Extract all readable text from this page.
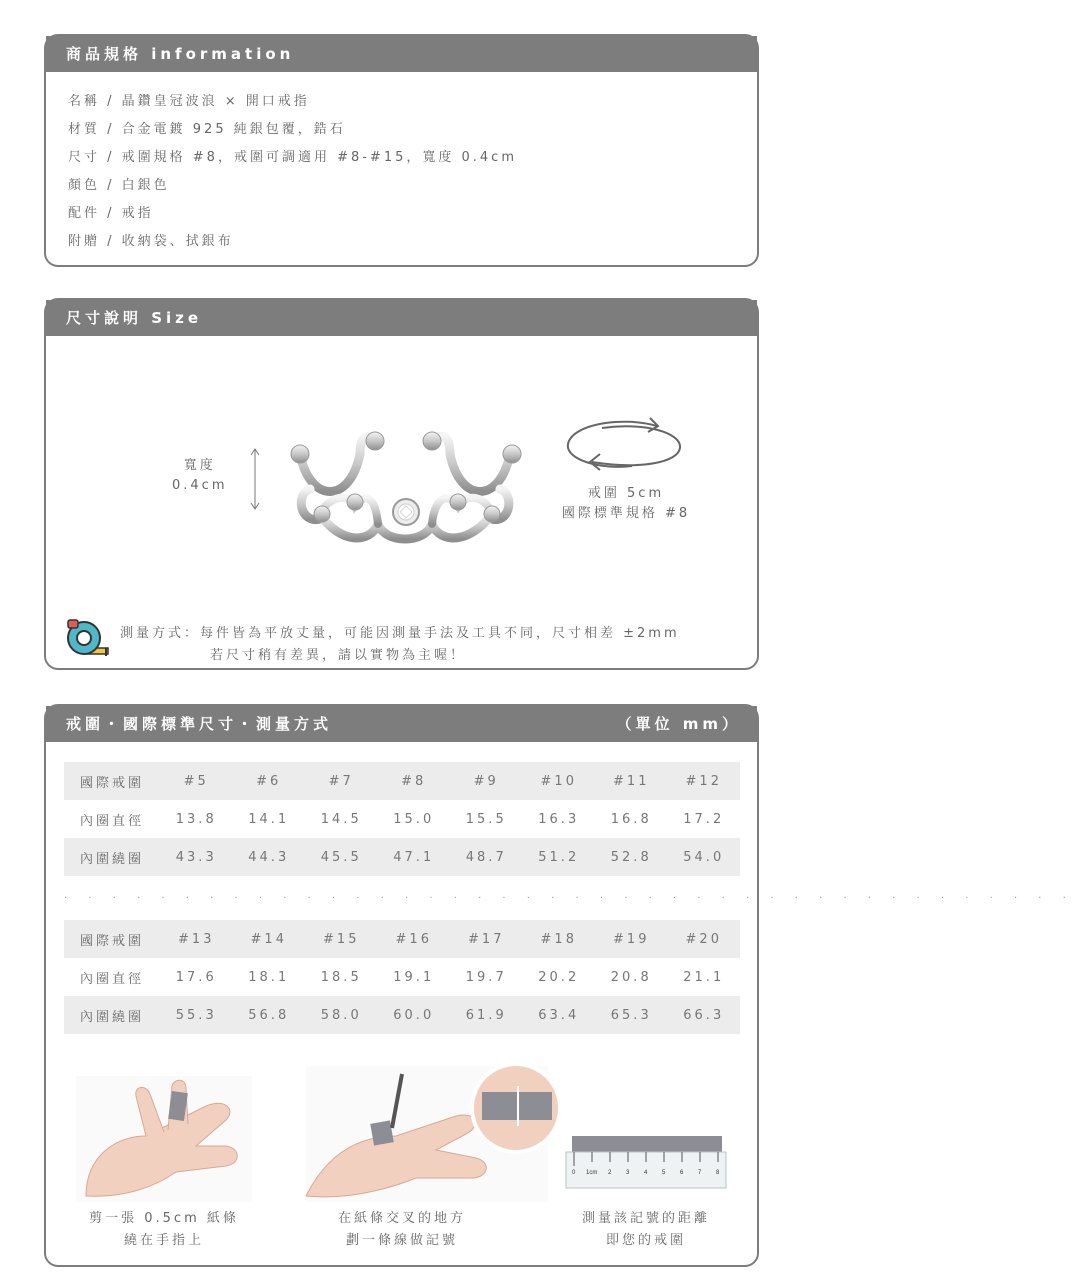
商品規格 information
名稱 / 晶鑽皇冠波浪 × 開口戒指
材質 / 合金電鍍 925 純銀包覆，鋯石
尺寸 / 戒圍規格 #8，戒圍可調適用 #8-#15，寬度 0.4cm
顏色 / 白銀色
配件 / 戒指
附贈 / 收納袋、拭銀布
尺寸說明 Size
寬度
0.4cm
戒圍 5cm
國際標準規格 #8
測量方式：每件皆為平放丈量，可能因測量手法及工具不同，尺寸相差 ±2mm
若尺寸稍有差異，請以實物為主喔！
戒圍・國際標準尺寸・測量方式	（單位 mm）
國際戒圍	#5	#6	#7	#8	#9	#10	#11	#12
內圈直徑	13.8	14.1	14.5	15.0	15.5	16.3	16.8	17.2
內圍繞圈	43.3	44.3	45.5	47.1	48.7	51.2	52.8	54.0
. . . . . . . . . . . . . . . . . . . . . . . . . . . . . . . . . . . . . . . . . .
國際戒圍	#13	#14	#15	#16	#17	#18	#19	#20
內圈直徑	17.6	18.1	18.5	19.1	19.7	20.2	20.8	21.1
內圍繞圈	55.3	56.8	58.0	60.0	61.9	63.4	65.3	66.3
0 1cm 2 3 4 5 6 7 8
剪一張 0.5cm 紙條
繞在手指上
在紙條交叉的地方
劃一條線做記號
測量該記號的距離
即您的戒圍
